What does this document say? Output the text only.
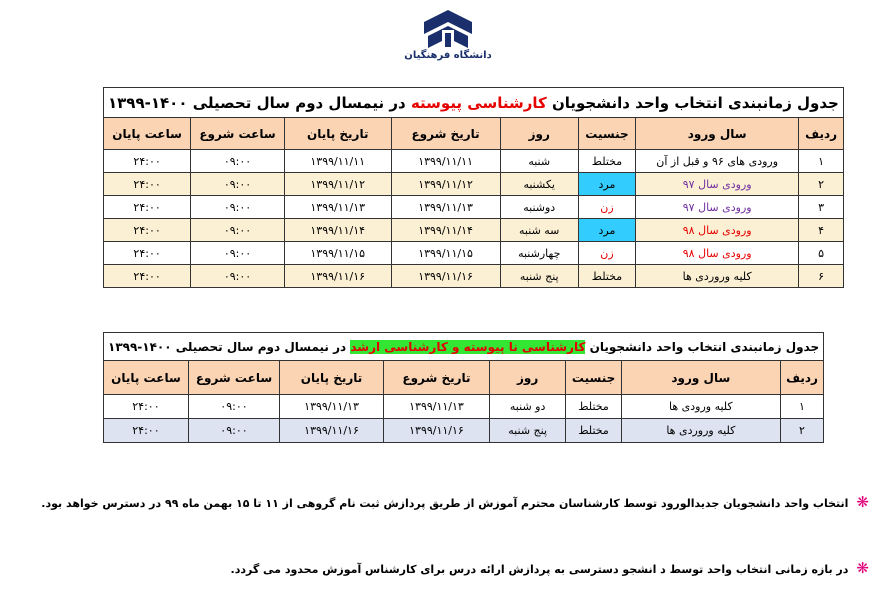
دانشگاه فرهنگیان
جدول زمانبندی انتخاب واحد دانشجویان کارشناسی پیوسته در نیمسال دوم سال تحصیلی ۱۴۰۰-۱۳۹۹							
ردیف	سال ورود	جنسیت	روز	تاریخ شروع	تاریخ پایان	ساعت شروع	ساعت پایان
۱	ورودی های ۹۶ و قبل از آن	مختلط	شنبه	۱۳۹۹/۱۱/۱۱	۱۳۹۹/۱۱/۱۱	۰۹:۰۰	۲۴:۰۰
۲	ورودی سال ۹۷	مرد	یکشنبه	۱۳۹۹/۱۱/۱۲	۱۳۹۹/۱۱/۱۲	۰۹:۰۰	۲۴:۰۰
۳	ورودی سال ۹۷	زن	دوشنبه	۱۳۹۹/۱۱/۱۳	۱۳۹۹/۱۱/۱۳	۰۹:۰۰	۲۴:۰۰
۴	ورودی سال ۹۸	مرد	سه شنبه	۱۳۹۹/۱۱/۱۴	۱۳۹۹/۱۱/۱۴	۰۹:۰۰	۲۴:۰۰
۵	ورودی سال ۹۸	زن	چهارشنبه	۱۳۹۹/۱۱/۱۵	۱۳۹۹/۱۱/۱۵	۰۹:۰۰	۲۴:۰۰
۶	کلیه وروردی ها	مختلط	پنج شنبه	۱۳۹۹/۱۱/۱۶	۱۳۹۹/۱۱/۱۶	۰۹:۰۰	۲۴:۰۰
جدول زمانبندی انتخاب واحد دانشجویان کارشناسی نا پیوسته و کارشناسی ارشد در نیمسال دوم سال تحصیلی ۱۴۰۰-۱۳۹۹							
ردیف	سال ورود	جنسیت	روز	تاریخ شروع	تاریخ پایان	ساعت شروع	ساعت پایان
۱	کلیه ورودی ها	مختلط	دو شنبه	۱۳۹۹/۱۱/۱۳	۱۳۹۹/۱۱/۱۳	۰۹:۰۰	۲۴:۰۰
۲	کلیه وروردی ها	مختلط	پنج شنبه	۱۳۹۹/۱۱/۱۶	۱۳۹۹/۱۱/۱۶	۰۹:۰۰	۲۴:۰۰
❋انتخاب واحد دانشجویان جدیدالورود توسط کارشناسان محترم آموزش از طریق پردازش ثبت نام گروهی از ۱۱ تا ۱۵ بهمن ماه ۹۹ در دسترس خواهد بود.
❋در بازه زمانی انتخاب واحد توسط د انشجو دسترسی به پردازش ارائه درس برای کارشناس آموزش محدود می گردد.
